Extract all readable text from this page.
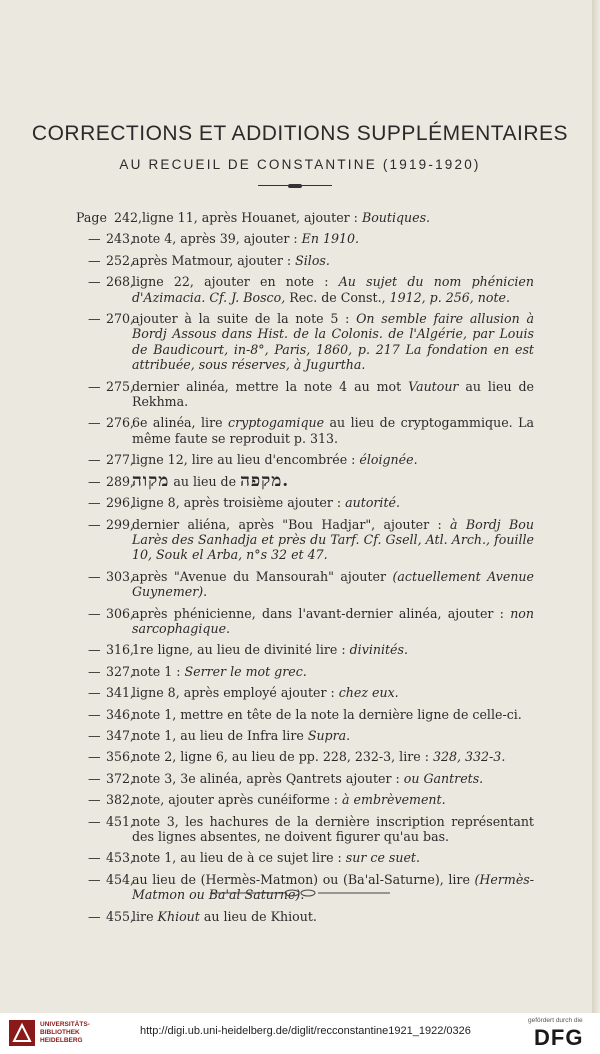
CORRECTIONS ET ADDITIONS SUPPLÉMENTAIRES
AU RECUEIL DE CONSTANTINE (1919-1920)
Page 242, ligne 11, après Houanet, ajouter : Boutiques.
— 243,
note 4, après 39, ajouter : En 1910.
— 252,
après Matmour, ajouter : Silos.
— 268,
ligne 22, ajouter en note : Au sujet du nom phénicien d'Azimacia. Cf. J. Bosco, Rec. de Const., 1912, p. 256, note.
— 270,
ajouter à la suite de la note 5 : On semble faire allusion à Bordj Assous dans Hist. de la Colonis. de l'Algérie, par Louis de Baudicourt, in-8°, Paris, 1860, p. 217 La fondation en est attribuée, sous réserves, à Jugurtha.
— 275,
dernier alinéa, mettre la note 4 au mot Vautour au lieu de Rekhma.
— 276,
6e alinéa, lire cryptogamique au lieu de cryptogammique. La même faute se reproduit p. 313.
— 277,
ligne 12, lire au lieu d'encombrée : éloignée.
— 289,
מקוה au lieu de מקפה.
— 296,
ligne 8, après troisième ajouter : autorité.
— 299,
dernier aliéna, après "Bou Hadjar", ajouter : à Bordj Bou Larès des Sanhadja et près du Tarf. Cf. Gsell, Atl. Arch., fouille 10, Souk el Arba, n°s 32 et 47.
— 303,
après "Avenue du Mansourah" ajouter (actuellement Avenue Guynemer).
— 306,
après phénicienne, dans l'avant-dernier alinéa, ajouter : non sarcophagique.
— 316,
1re ligne, au lieu de divinité lire : divinités.
— 327,
note 1 : Serrer le mot grec.
— 341,
ligne 8, après employé ajouter : chez eux.
— 346,
note 1, mettre en tête de la note la dernière ligne de celle-ci.
— 347,
note 1, au lieu de Infra lire Supra.
— 356,
note 2, ligne 6, au lieu de pp. 228, 232-3, lire : 328, 332-3.
— 372,
note 3, 3e alinéa, après Qantrets ajouter : ou Gantrets.
— 382,
note, ajouter après cunéiforme : à embrèvement.
— 451,
note 3, les hachures de la dernière inscription représentant des lignes absentes, ne doivent figurer qu'au bas.
— 453,
note 1, au lieu de à ce sujet lire : sur ce suet.
— 454,
au lieu de (Hermès-Matmon) ou (Ba'al-Saturne), lire (Hermès-Matmon ou Ba'al Saturne).
— 455,
lire Khiout au lieu de Khiout.
UNIVERSITÄTS-
BIBLIOTHEK
HEIDELBERG
http://digi.ub.uni-heidelberg.de/diglit/recconstantine1921_1922/0326
gefördert durch die
DFG
